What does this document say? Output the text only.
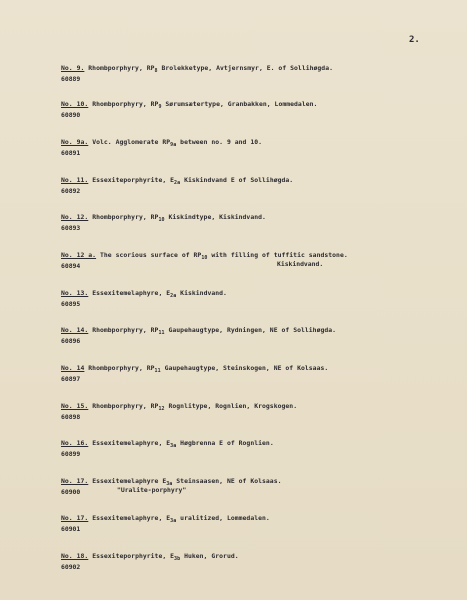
2.
No. 9. Rhombporphyry, $RP_8$ Brolekketype, Avtjernsmyr, E. of Sollihøgda.
60889
No. 10. Rhombporphyry, $RP_9$ Sørumsætertype, Granbakken, Lommedalen.
60890
No. 9a. Volc. Agglomerate $RP_{9a}$ between no. 9 and 10.
60891
No. 11. Essexiteporphyrite, $E_{2a}$ Kiskindvand E of Sollihøgda.
60892
No. 12. Rhombporphyry, $RP_{10}$ Kiskindtype, Kiskindvand.
60893
No. 12 a. The scorious surface of $RP_{10}$ with filling of tuffitic sandstone.
Kiskindvand.
60894
No. 13. Essexitemelaphyre, $E_{2a}$ Kiskindvand.
60895
No. 14. Rhombporphyry, $RP_{11}$ Gaupehaugtype, Rydningen, NE of Sollihøgda.
60896
No. 14 Rhombporphyry, $RP_{11}$ Gaupehaugtype, Steinskogen, NE of Kolsaas.
60897
No. 15. Rhombporphyry, $RP_{12}$ Rognlitype, Rognlien, Krogskogen.
60898
No. 16. Essexitemelaphyre, $E_{3a}$ Høgbrenna E of Rognlien.
60899
No. 17. Essexitemelaphyre $E_{3a}$ Steinsaasen, NE of Kolsaas.
"Uralite-porphyry"
60900
No. 17. Essexitemelaphyre, $E_{3a}$ uralitized, Lommedalen.
60901
No. 18. Essexiteporphyrite, $E_{3b}$ Huken, Grorud.
60902
